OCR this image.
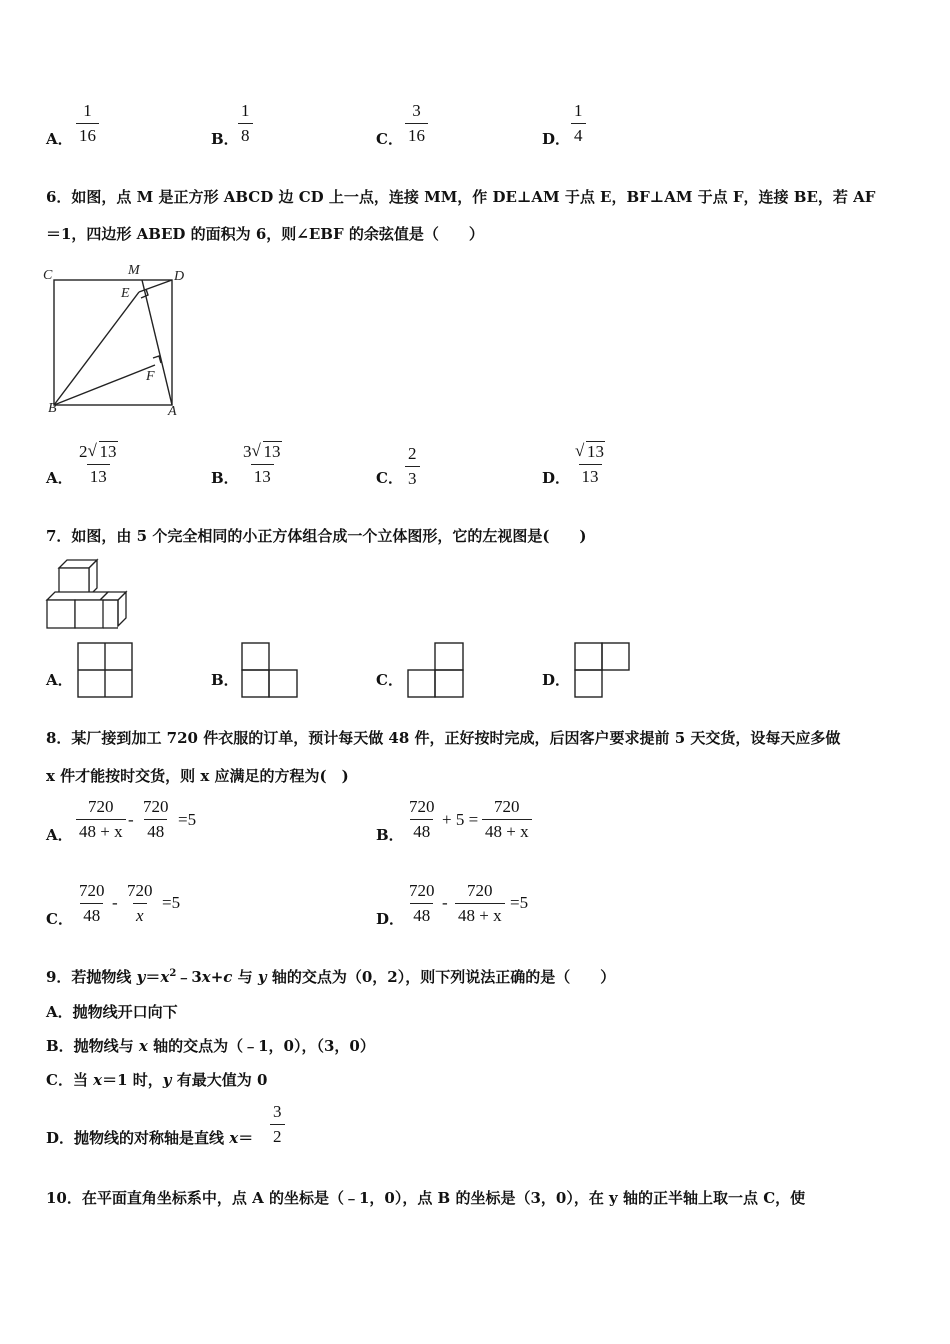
A． $\frac{1}{16}$	B． $\frac{1}{8}$	C． $\frac{3}{16}$	D． $\frac{1}{4}$
6．如图，点 M 是正方形 ABCD 边 CD 上一点，连接 MM，作 DE⊥AM 于点 E，BF⊥AM 于点 F，连接 BE，若 AF
＝1，四边形 ABED 的面积为 6，则∠EBF 的余弦值是（　　）
C	M D
E
F
B	A
A． $\frac{2 √ 13}{13}$	B． $\frac{3 √ 13}{13}$	C． $\frac{2}{3}$	D． $\frac{√ 13}{13}$
7．如图，由 5 个完全相同的小正方体组合成一个立体图形，它的左视图是(　　)
A．	B．	C．	D．
8．某厂接到加工 720 件衣服的订单，预计每天做 48 件，正好按时完成，后因客户要求提前 5 天交货，设每天应多做
x 件才能按时交货，则 x 应满足的方程为(　)
A． $\frac{720}{48 + x} - \frac{720}{48} =5$
B． $\frac{720}{48} + 5 = \frac{720}{48 + x}$
C． $\frac{720}{48} - \frac{720}{x} =5$
D． $\frac{720}{48} - \frac{720}{48 + x} =5$
9．若抛物线 $y=x^2﹣3x+c$ 与 y 轴的交点为（0，2），则下列说法正确的是（　　）
A．抛物线开口向下
B．抛物线与 x 轴的交点为（﹣1，0），（3，0）
C．当 x＝1 时，y 有最大值为 0
D．抛物线的对称轴是直线 $x= \frac{3}{2}$
10．在平面直角坐标系中，点 A 的坐标是（﹣1，0），点 B 的坐标是（3，0），在 y 轴的正半轴上取一点 C，使
